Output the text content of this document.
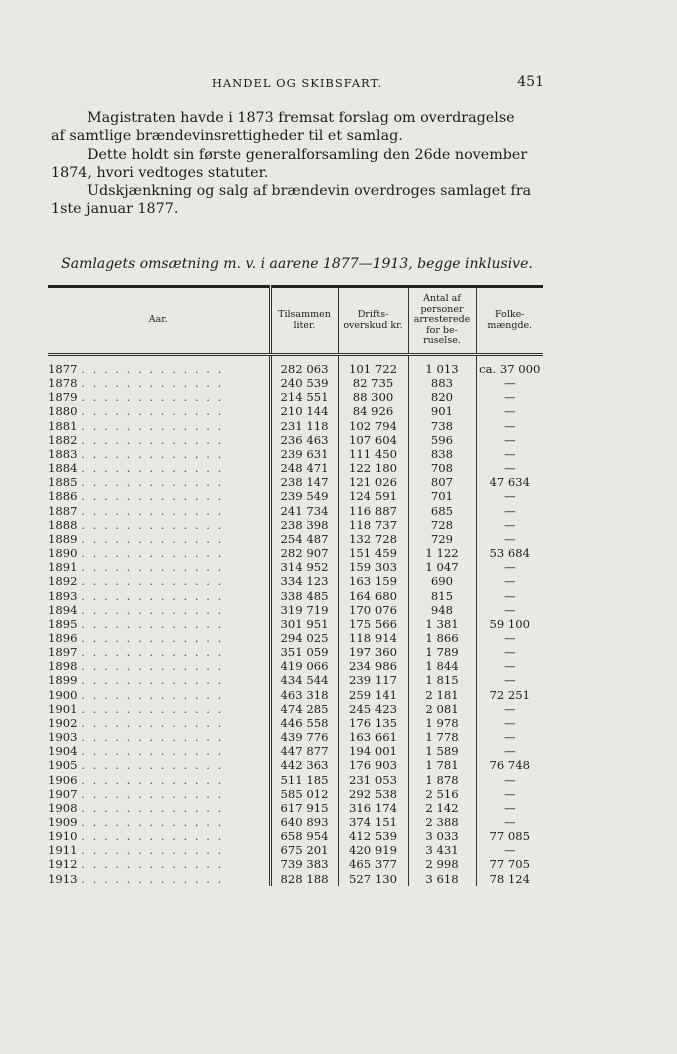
HANDEL OG SKIBSFART.	451
Magistraten havde i 1873 fremsat forslag om overdragelse
af samtlige brændevinsrettigheder til et samlag.
Dette holdt sin første generalforsamling den 26de november
1874, hvori vedtoges statuter.
Udskjænkning og salg af brændevin overdroges samlaget fra
1ste januar 1877.
Samlagets omsætning m. v. i aarene 1877—1913, begge inklusive.
Aar.	Tilsammen liter.	Drifts-overskud kr.	Antal af personer arresterede for be-ruselse.	Folke-mængde.
1877 . . . . . . . . . . . . .	282 063	101 722	1 013	ca. 37 000
1878 . . . . . . . . . . . . .	240 539	82 735	883	—
1879 . . . . . . . . . . . . .	214 551	88 300	820	—
1880 . . . . . . . . . . . . .	210 144	84 926	901	—
1881 . . . . . . . . . . . . .	231 118	102 794	738	—
1882 . . . . . . . . . . . . .	236 463	107 604	596	—
1883 . . . . . . . . . . . . .	239 631	111 450	838	—
1884 . . . . . . . . . . . . .	248 471	122 180	708	—
1885 . . . . . . . . . . . . .	238 147	121 026	807	47 634
1886 . . . . . . . . . . . . .	239 549	124 591	701	—
1887 . . . . . . . . . . . . .	241 734	116 887	685	—
1888 . . . . . . . . . . . . .	238 398	118 737	728	—
1889 . . . . . . . . . . . . .	254 487	132 728	729	—
1890 . . . . . . . . . . . . .	282 907	151 459	1 122	53 684
1891 . . . . . . . . . . . . .	314 952	159 303	1 047	—
1892 . . . . . . . . . . . . .	334 123	163 159	690	—
1893 . . . . . . . . . . . . .	338 485	164 680	815	—
1894 . . . . . . . . . . . . .	319 719	170 076	948	—
1895 . . . . . . . . . . . . .	301 951	175 566	1 381	59 100
1896 . . . . . . . . . . . . .	294 025	118 914	1 866	—
1897 . . . . . . . . . . . . .	351 059	197 360	1 789	—
1898 . . . . . . . . . . . . .	419 066	234 986	1 844	—
1899 . . . . . . . . . . . . .	434 544	239 117	1 815	—
1900 . . . . . . . . . . . . .	463 318	259 141	2 181	72 251
1901 . . . . . . . . . . . . .	474 285	245 423	2 081	—
1902 . . . . . . . . . . . . .	446 558	176 135	1 978	—
1903 . . . . . . . . . . . . .	439 776	163 661	1 778	—
1904 . . . . . . . . . . . . .	447 877	194 001	1 589	—
1905 . . . . . . . . . . . . .	442 363	176 903	1 781	76 748
1906 . . . . . . . . . . . . .	511 185	231 053	1 878	—
1907 . . . . . . . . . . . . .	585 012	292 538	2 516	—
1908 . . . . . . . . . . . . .	617 915	316 174	2 142	—
1909 . . . . . . . . . . . . .	640 893	374 151	2 388	—
1910 . . . . . . . . . . . . .	658 954	412 539	3 033	77 085
1911 . . . . . . . . . . . . .	675 201	420 919	3 431	—
1912 . . . . . . . . . . . . .	739 383	465 377	2 998	77 705
1913 . . . . . . . . . . . . .	828 188	527 130	3 618	78 124
